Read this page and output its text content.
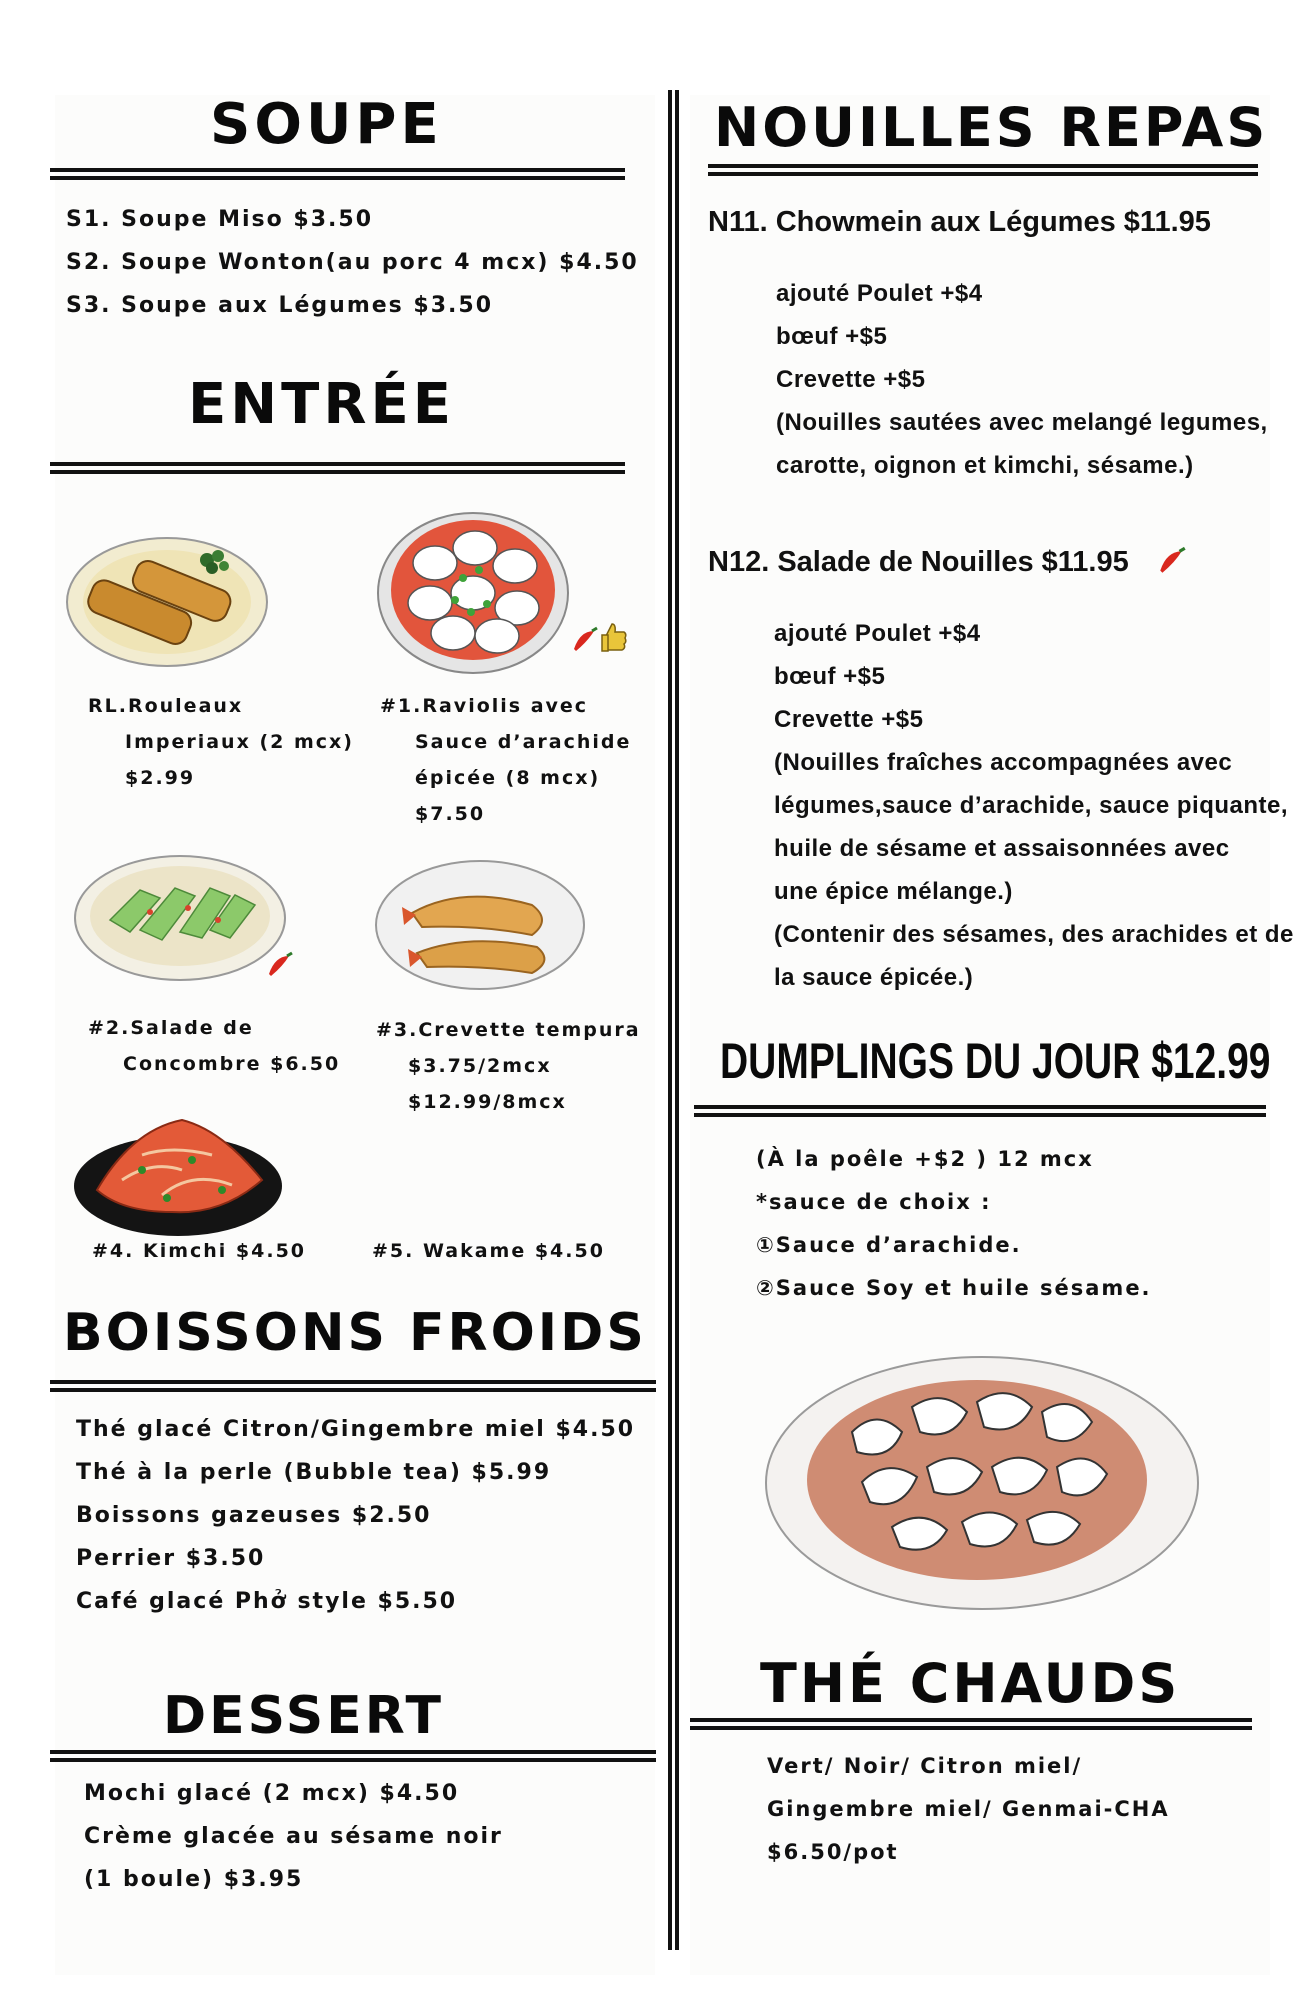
SOUPE
S1. Soupe Miso $3.50
S2. Soupe Wonton(au porc 4 mcx) $4.50
S3. Soupe aux Légumes $3.50
ENTRÉE
RL.Rouleaux
Imperiaux (2 mcx)
$2.99
#1.Raviolis avec
Sauce d’arachide
épicée (8 mcx)
$7.50
#2.Salade de
Concombre $6.50
#3.Crevette tempura
$3.75/2mcx
$12.99/8mcx
#4. Kimchi $4.50	#5. Wakame $4.50
BOISSONS FROIDS
Thé glacé Citron/Gingembre miel $4.50
Thé à la perle (Bubble tea) $5.99
Boissons gazeuses $2.50
Perrier $3.50
Café glacé Phở style $5.50
DESSERT
Mochi glacé (2 mcx) $4.50
Crème glacée au sésame noir
(1 boule) $3.95
NOUILLES REPAS
N11. Chowmein aux Légumes $11.95
ajouté Poulet +$4
bœuf +$5
Crevette +$5
(Nouilles sautées avec melangé legumes,
carotte, oignon et kimchi, sésame.)
N12. Salade de Nouilles $11.95
ajouté Poulet +$4
bœuf +$5
Crevette +$5
(Nouilles fraîches accompagnées avec
légumes,sauce d’arachide, sauce piquante,
huile de sésame et assaisonnées avec
une épice mélange.)
(Contenir des sésames, des arachides et de
la sauce épicée.)
DUMPLINGS DU JOUR $12.99
(À la poêle +$2 ) 12 mcx
*sauce de choix :
①Sauce d’arachide.
②Sauce Soy et huile sésame.
THÉ CHAUDS
Vert/ Noir/ Citron miel/
Gingembre miel/ Genmai-CHA
$6.50/pot
